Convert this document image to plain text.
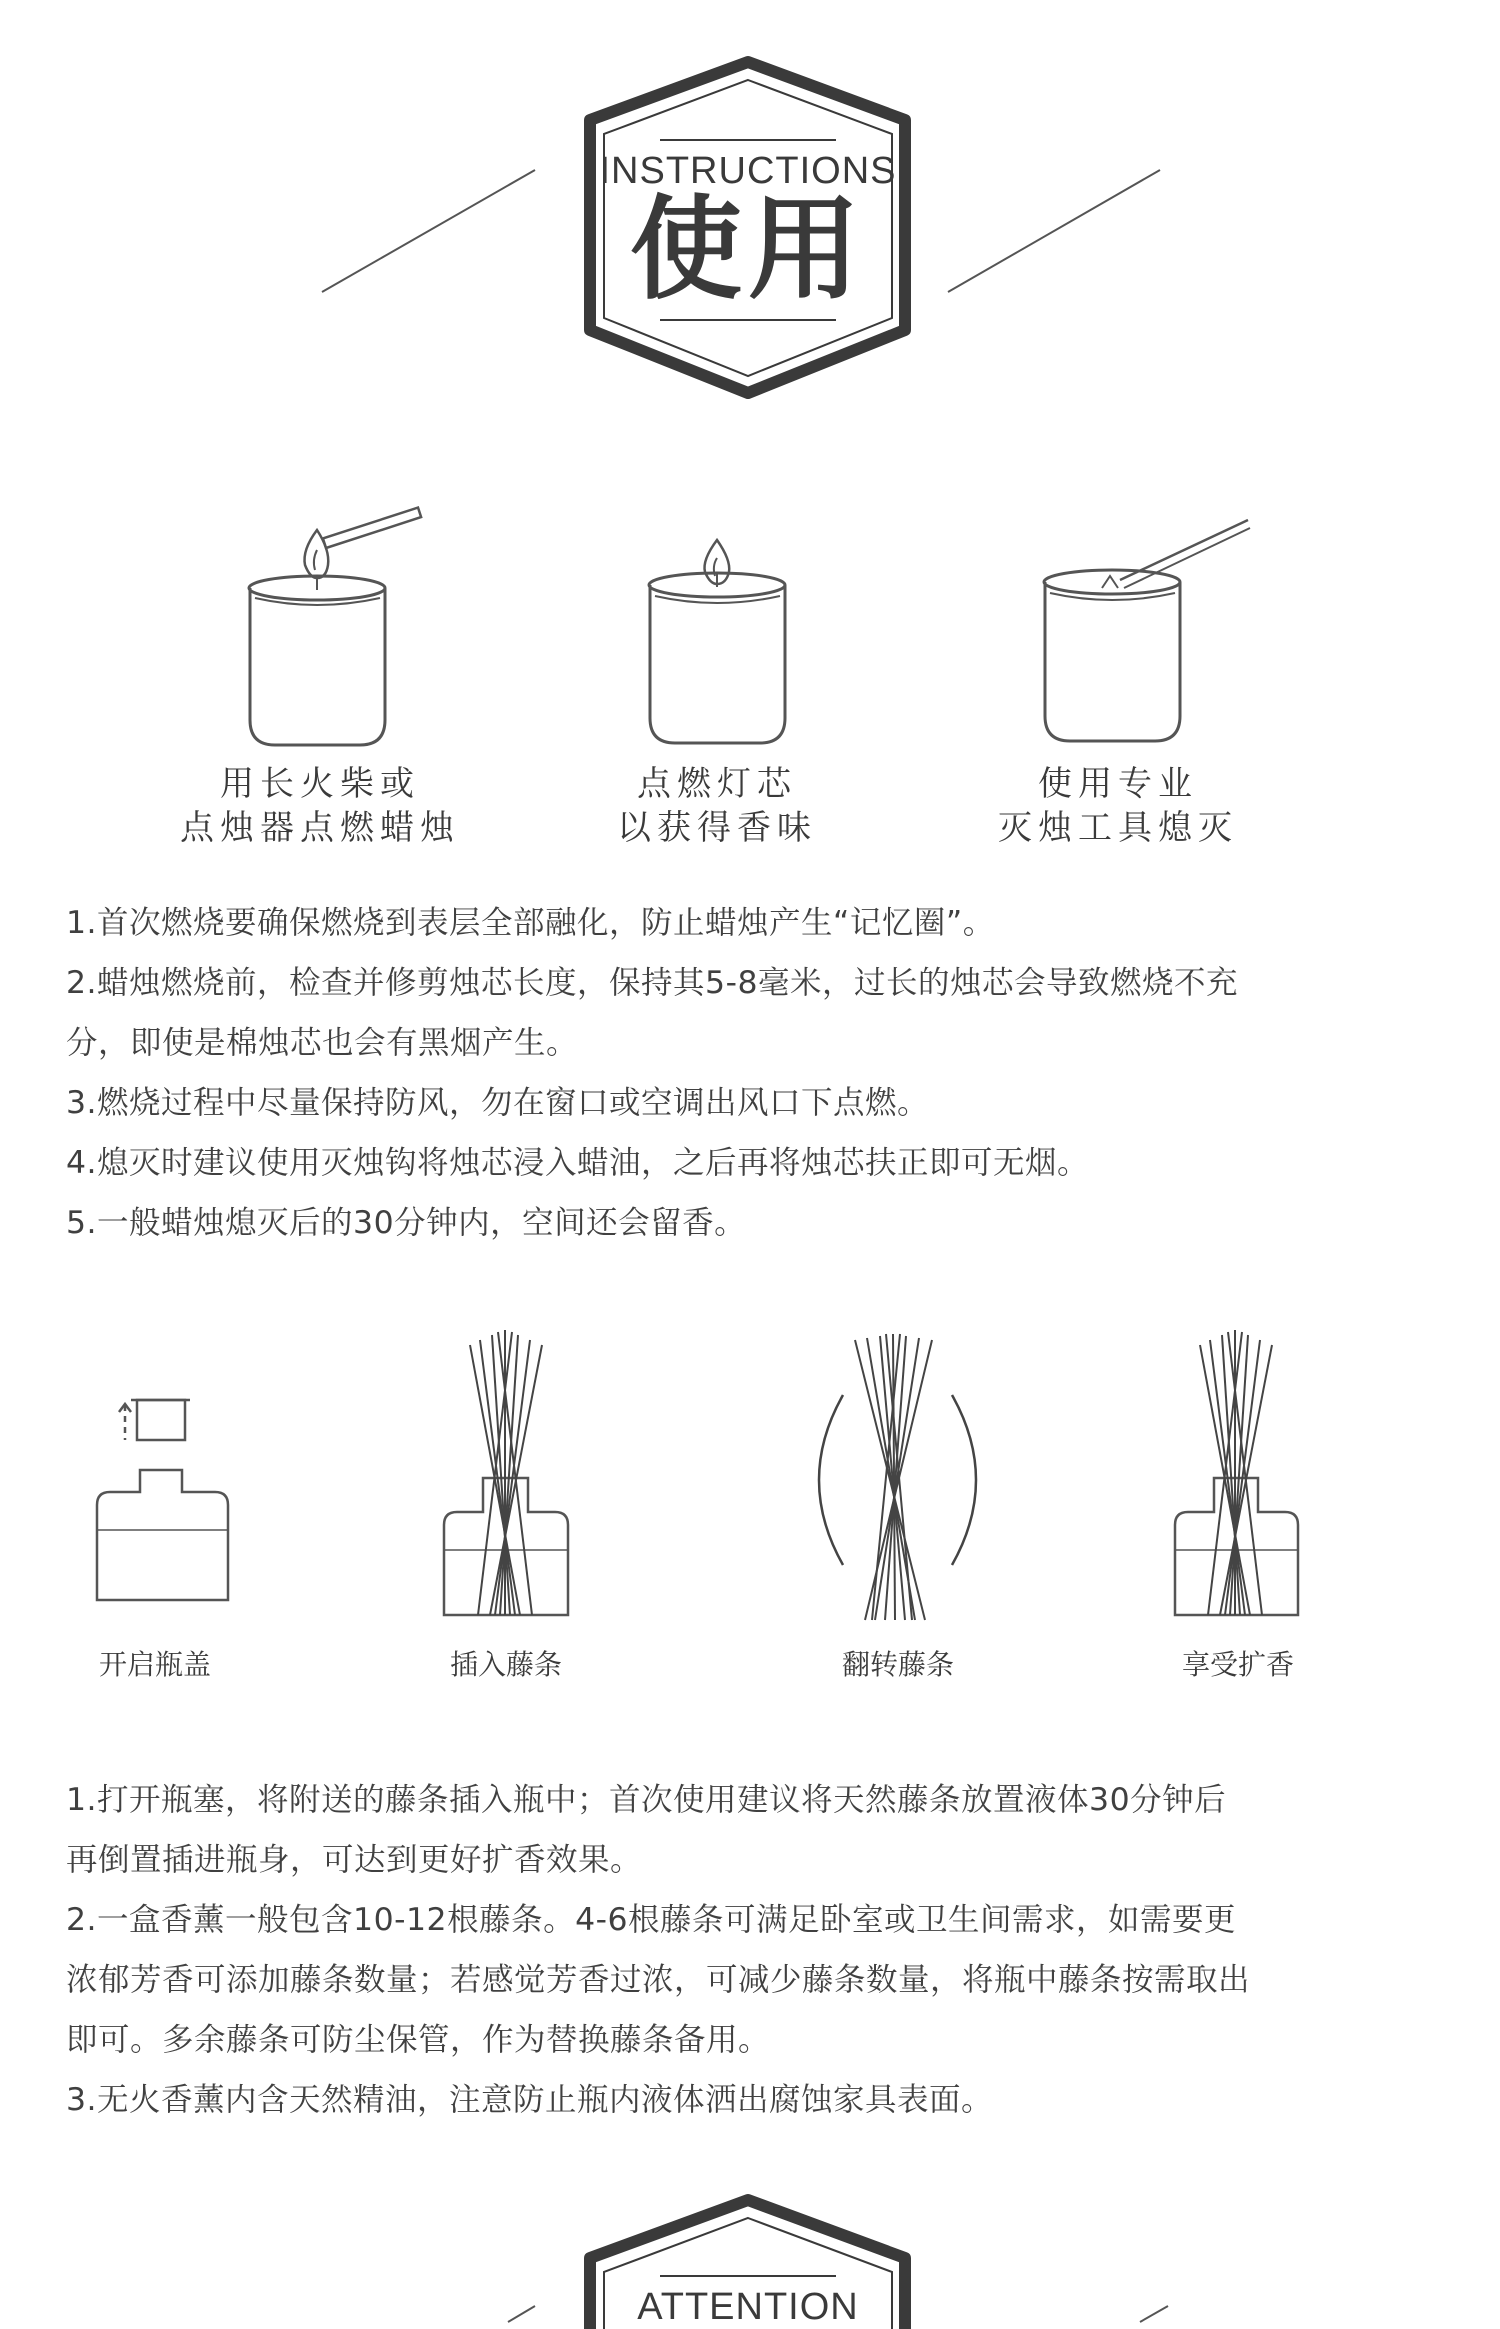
INSTRUCTIONS
使用
用长火柴或
点烛器点燃蜡烛
点燃灯芯
以获得香味
使用专业
灭烛工具熄灭
1.首次燃烧要确保燃烧到表层全部融化，防止蜡烛产生“记忆圈”。
2.蜡烛燃烧前，检查并修剪烛芯长度，保持其5-8毫米，过长的烛芯会导致燃烧不充
分，即使是棉烛芯也会有黑烟产生。
3.燃烧过程中尽量保持防风，勿在窗口或空调出风口下点燃。
4.熄灭时建议使用灭烛钩将烛芯浸入蜡油，之后再将烛芯扶正即可无烟。
5.一般蜡烛熄灭后的30分钟内，空间还会留香。
开启瓶盖	插入藤条	翻转藤条	享受扩香
1.打开瓶塞，将附送的藤条插入瓶中；首次使用建议将天然藤条放置液体30分钟后
再倒置插进瓶身，可达到更好扩香效果。
2.一盒香薰一般包含10-12根藤条。4-6根藤条可满足卧室或卫生间需求，如需要更
浓郁芳香可添加藤条数量；若感觉芳香过浓，可减少藤条数量，将瓶中藤条按需取出
即可。多余藤条可防尘保管，作为替换藤条备用。
3.无火香薰内含天然精油，注意防止瓶内液体洒出腐蚀家具表面。
ATTENTION
